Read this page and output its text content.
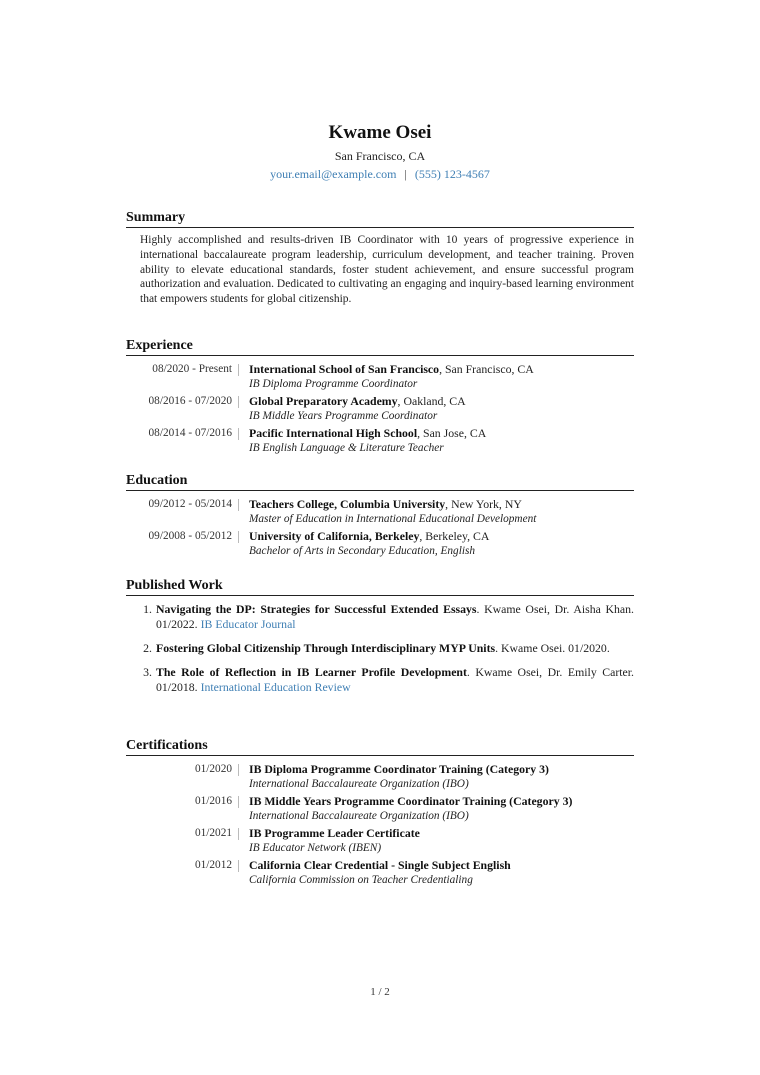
Kwame Osei
San Francisco, CA
your.email@example.com | (555) 123-4567
Summary

Highly accomplished and results-driven IB Coordinator with 10 years of progressive experience in international baccalaureate program leadership, curriculum development, and teacher training. Proven ability to elevate educational standards, foster student achievement, and ensure successful program authorization and evaluation. Dedicated to cultivating an engaging and inquiry-based learning environment that empowers students for global citizenship.

Experience
08/2020 - Present	International School of San Francisco, San Francisco, CA
IB Diploma Programme Coordinator
08/2016 - 07/2020	Global Preparatory Academy, Oakland, CA
IB Middle Years Programme Coordinator
08/2014 - 07/2016	Pacific International High School, San Jose, CA
IB English Language & Literature Teacher
Education
09/2012 - 05/2014	Teachers College, Columbia University, New York, NY
Master of Education in International Educational Development
09/2008 - 05/2012	University of California, Berkeley, Berkeley, CA
Bachelor of Arts in Secondary Education, English
Published Work
1. Navigating the DP: Strategies for Successful Extended Essays. Kwame Osei, Dr. Aisha Khan. 01/2022. IB Educator Journal
2. Fostering Global Citizenship Through Interdisciplinary MYP Units. Kwame Osei. 01/2020.
3. The Role of Reflection in IB Learner Profile Development. Kwame Osei, Dr. Emily Carter. 01/2018. International Education Review
Certifications
01/2020	IB Diploma Programme Coordinator Training (Category 3)
International Baccalaureate Organization (IBO)
01/2016	IB Middle Years Programme Coordinator Training (Category 3)
International Baccalaureate Organization (IBO)
01/2021	IB Programme Leader Certificate
IB Educator Network (IBEN)
01/2012	California Clear Credential - Single Subject English
California Commission on Teacher Credentialing
1 / 2
